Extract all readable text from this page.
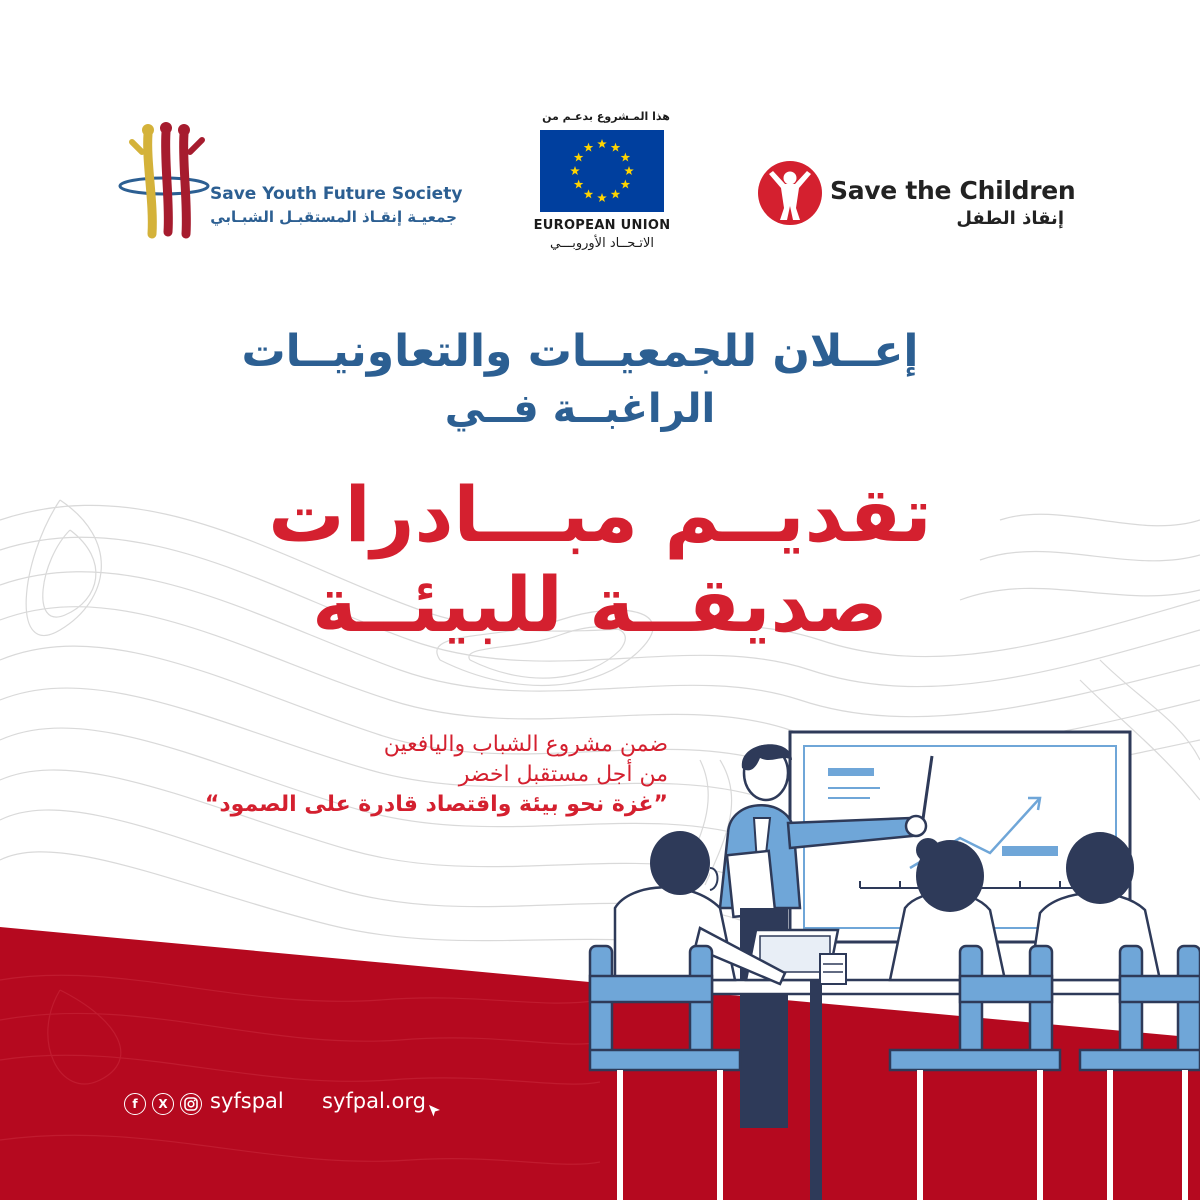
Save Youth Future Society
جمعيـة إنقـاذ المستقبـل الشبـابي
هذا المـشروع بدعـم من
EUROPEAN UNION
الاتـحــاد الأوروبـــي
Save the Children
إنقاذ الطفل
إعــلان للجمعيــات والتعاونيــات
الراغبــة فــي
تقديــم مبـــادرات
صديقــة للبيئــة
ضمن مشروع الشباب واليافعين
من أجل مستقبل اخضر
”غزة نحو بيئة واقتصاد قادرة على الصمود“
f	X	syfspal syfpal.org
